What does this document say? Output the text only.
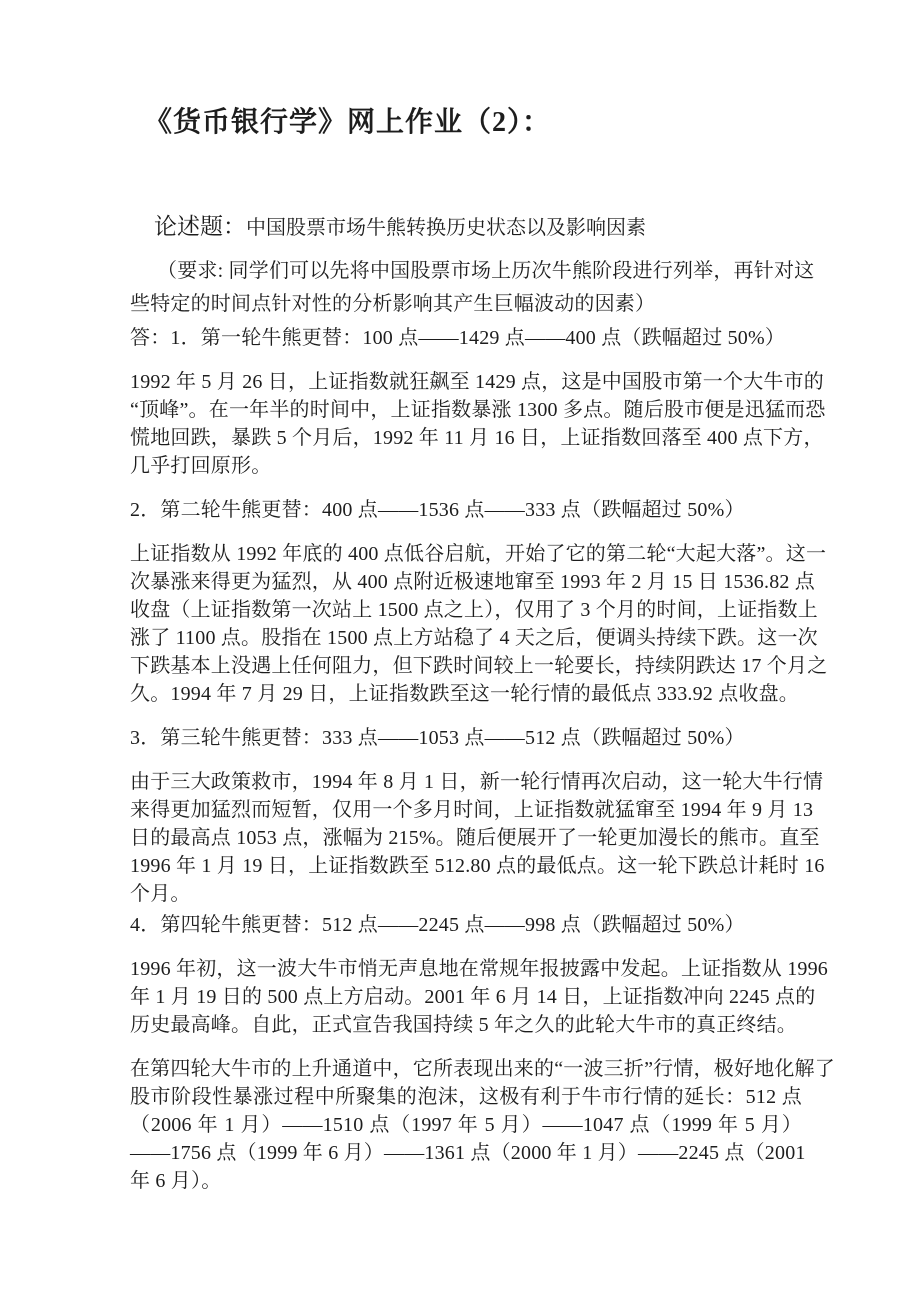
《货币银行学》网上作业（2）：
论述题：中国股票市场牛熊转换历史状态以及影响因素
（要求: 同学们可以先将中国股票市场上历次牛熊阶段进行列举，再针对这
些特定的时间点针对性的分析影响其产生巨幅波动的因素）
答：1．第一轮牛熊更替：100 点——1429 点——400 点（跌幅超过 50%）
1992 年 5 月 26 日，上证指数就狂飙至 1429 点，这是中国股市第一个大牛市的
“顶峰”。在一年半的时间中，上证指数暴涨 1300 多点。随后股市便是迅猛而恐
慌地回跌，暴跌 5 个月后，1992 年 11 月 16 日，上证指数回落至 400 点下方，
几乎打回原形。
2．第二轮牛熊更替：400 点——1536 点——333 点（跌幅超过 50%）
上证指数从 1992 年底的 400 点低谷启航，开始了它的第二轮“大起大落”。这一
次暴涨来得更为猛烈，从 400 点附近极速地窜至 1993 年 2 月 15 日 1536.82 点
收盘（上证指数第一次站上 1500 点之上），仅用了 3 个月的时间，上证指数上
涨了 1100 点。股指在 1500 点上方站稳了 4 天之后，便调头持续下跌。这一次
下跌基本上没遇上任何阻力，但下跌时间较上一轮要长，持续阴跌达 17 个月之
久。1994 年 7 月 29 日，上证指数跌至这一轮行情的最低点 333.92 点收盘。
3．第三轮牛熊更替：333 点——1053 点——512 点（跌幅超过 50%）
由于三大政策救市，1994 年 8 月 1 日，新一轮行情再次启动，这一轮大牛行情
来得更加猛烈而短暂，仅用一个多月时间，上证指数就猛窜至 1994 年 9 月 13
日的最高点 1053 点，涨幅为 215%。随后便展开了一轮更加漫长的熊市。直至
1996 年 1 月 19 日，上证指数跌至 512.80 点的最低点。这一轮下跌总计耗时 16
个月。
4．第四轮牛熊更替：512 点——2245 点——998 点（跌幅超过 50%）
1996 年初，这一波大牛市悄无声息地在常规年报披露中发起。上证指数从 1996
年 1 月 19 日的 500 点上方启动。2001 年 6 月 14 日，上证指数冲向 2245 点的
历史最高峰。自此，正式宣告我国持续 5 年之久的此轮大牛市的真正终结。
在第四轮大牛市的上升通道中，它所表现出来的“一波三折”行情，极好地化解了
股市阶段性暴涨过程中所聚集的泡沫，这极有利于牛市行情的延长：512 点
（2006 年 1 月）——1510 点（1997 年 5 月）——1047 点（1999 年 5 月）
——1756 点（1999 年 6 月）——1361 点（2000 年 1 月）——2245 点（2001
年 6 月）。
